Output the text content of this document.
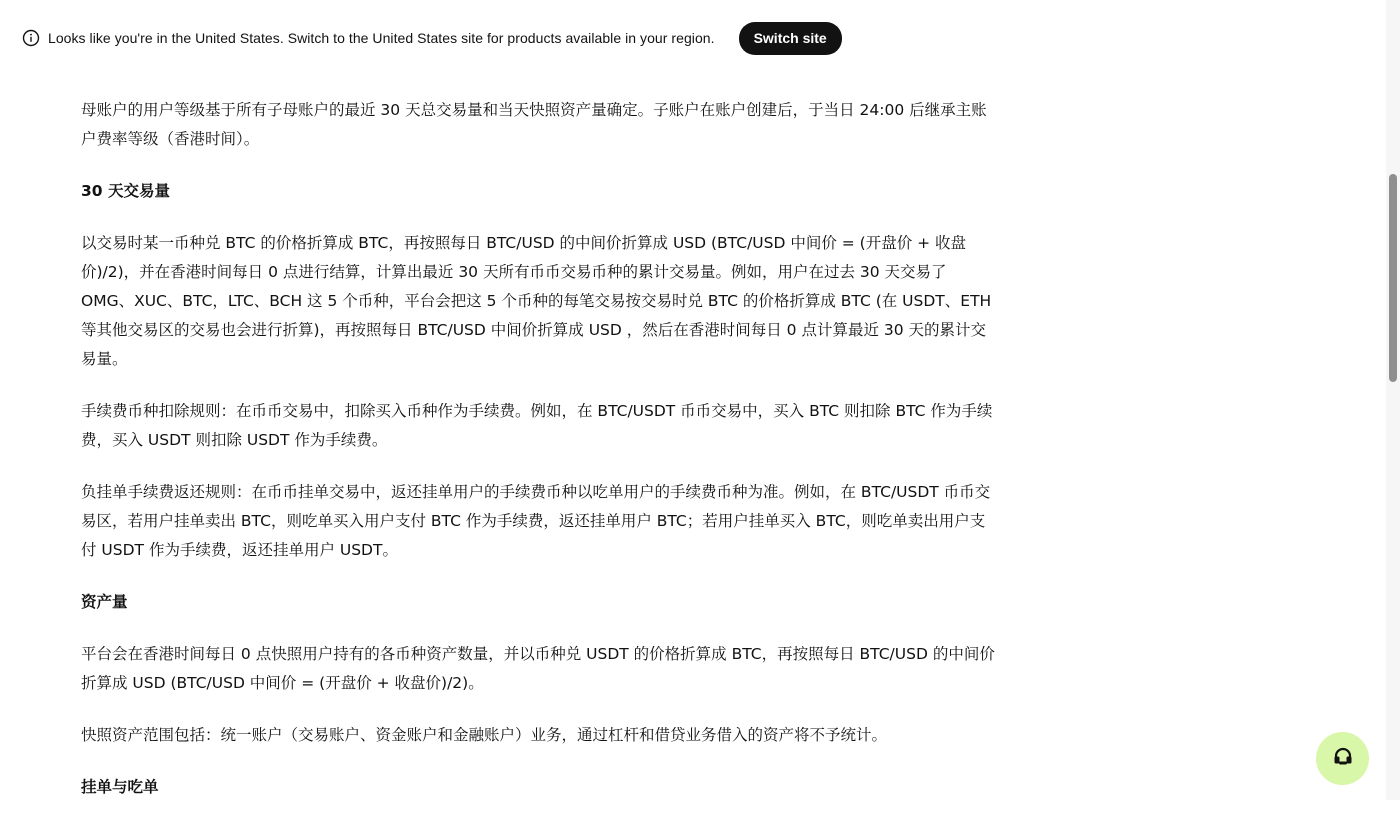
Looks like you're in the United States. Switch to the United States site for products available in your region.	Switch site

母账户的用户等级基于所有子母账户的最近 30 天总交易量和当天快照资产量确定。子账户在账户创建后，于当日 24:00 后继承主账户费率等级（香港时间）。

30 天交易量

以交易时某一币种兑 BTC 的价格折算成 BTC，再按照每日 BTC/USD 的中间价折算成 USD (BTC/USD 中间价 = (开盘价 + 收盘价)/2)，并在香港时间每日 0 点进行结算，计算出最近 30 天所有币币交易币种的累计交易量。例如，用户在过去 30 天交易了 OMG、XUC、BTC，LTC、BCH 这 5 个币种，平台会把这 5 个币种的每笔交易按交易时兑 BTC 的价格折算成 BTC (在 USDT、ETH 等其他交易区的交易也会进行折算)，再按照每日 BTC/USD 中间价折算成 USD ，然后在香港时间每日 0 点计算最近 30 天的累计交易量。

手续费币种扣除规则：在币币交易中，扣除买入币种作为手续费。例如，在 BTC/USDT 币币交易中，买入 BTC 则扣除 BTC 作为手续费，买入 USDT 则扣除 USDT 作为手续费。

负挂单手续费返还规则：在币币挂单交易中，返还挂单用户的手续费币种以吃单用户的手续费币种为准。例如，在 BTC/USDT 币币交易区，若用户挂单卖出 BTC，则吃单买入用户支付 BTC 作为手续费，返还挂单用户 BTC；若用户挂单买入 BTC，则吃单卖出用户支付 USDT 作为手续费，返还挂单用户 USDT。

资产量

平台会在香港时间每日 0 点快照用户持有的各币种资产数量，并以币种兑 USDT 的价格折算成 BTC，再按照每日 BTC/USD 的中间价折算成 USD (BTC/USD 中间价 = (开盘价 + 收盘价)/2)。

快照资产范围包括：统一账户（交易账户、资金账户和金融账户）业务，通过杠杆和借贷业务借入的资产将不予统计。

挂单与吃单
